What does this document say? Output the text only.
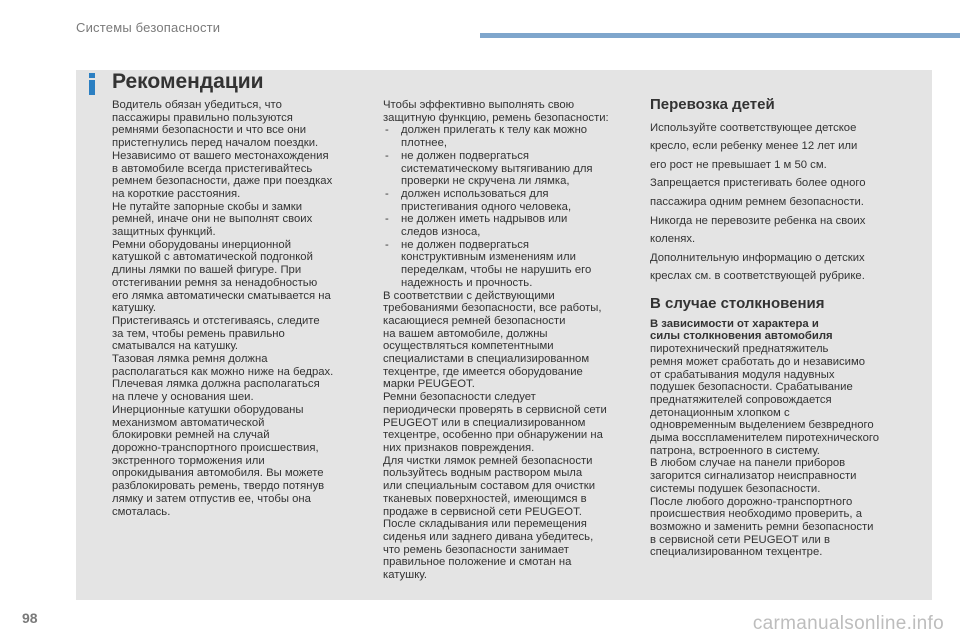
Системы безопасности
Рекомендации

Водитель обязан убедиться, что
пассажиры правильно пользуются
ремнями безопасности и что все они
пристегнулись перед началом поездки.
Независимо от вашего местонахождения
в автомобиле всегда пристегивайтесь
ремнем безопасности, даже при поездках
на короткие расстояния.
Не путайте запорные скобы и замки
ремней, иначе они не выполнят своих
защитных функций.
Ремни оборудованы инерционной
катушкой с автоматической подгонкой
длины лямки по вашей фигуре. При
отстегивании ремня за ненадобностью
его лямка автоматически сматывается на
катушку.
Пристегиваясь и отстегиваясь, следите
за тем, чтобы ремень правильно
сматывался на катушку.
Тазовая лямка ремня должна
располагаться как можно ниже на бедрах.
Плечевая лямка должна располагаться
на плече у основания шеи.
Инерционные катушки оборудованы
механизмом автоматической
блокировки ремней на случай
дорожно-транспортного происшествия,
экстренного торможения или
опрокидывания автомобиля. Вы можете
разблокировать ремень, твердо потянув
лямку и затем отпустив ее, чтобы она
смоталась.

Чтобы эффективно выполнять свою
защитную функцию, ремень безопасности:

- должен прилегать к телу как можно
плотнее,
- не должен подвергаться
систематическому вытягиванию для
проверки не скручена ли лямка,
- должен использоваться для
пристегивания одного человека,
- не должен иметь надрывов или
следов износа,
- не должен подвергаться
конструктивным изменениям или
переделкам, чтобы не нарушить его
надежность и прочность.

В соответствии с действующими
требованиями безопасности, все работы,
касающиеся ремней безопасности
на вашем автомобиле, должны
осуществляться компетентными
специалистами в специализированном
техцентре, где имеется оборудование
марки PEUGEOT.
Ремни безопасности следует
периодически проверять в сервисной сети
PEUGEOT или в специализированном
техцентре, особенно при обнаружении на
них признаков повреждения.
Для чистки лямок ремней безопасности
пользуйтесь водным раствором мыла
или специальным составом для очистки
тканевых поверхностей, имеющимся в
продаже в сервисной сети PEUGEOT.
После складывания или перемещения
сиденья или заднего дивана убедитесь,
что ремень безопасности занимает
правильное положение и смотан на
катушку.

Перевозка детей

Используйте соответствующее детское
кресло, если ребенку менее 12 лет или
его рост не превышает 1 м 50 см.
Запрещается пристегивать более одного
пассажира одним ремнем безопасности.
Никогда не перевозите ребенка на своих
коленях.
Дополнительную информацию о детских
креслах см. в соответствующей рубрике.

В случае столкновения

В зависимости от характера и
силы столкновения автомобиля

пиротехнический преднатяжитель
ремня может сработать до и независимо
от срабатывания модуля надувных
подушек безопасности. Срабатывание
преднатяжителей сопровождается
детонационным хлопком с
одновременным выделением безвредного
дыма восспламенителем пиротехнического
патрона, встроенного в систему.
В любом случае на панели приборов
загорится сигнализатор неисправности
системы подушек безопасности.
После любого дорожно-транспортного
происшествия необходимо проверить, а
возможно и заменить ремни безопасности
в сервисной сети PEUGEOT или в
специализированном техцентре.

98	carmanualsonline.info
